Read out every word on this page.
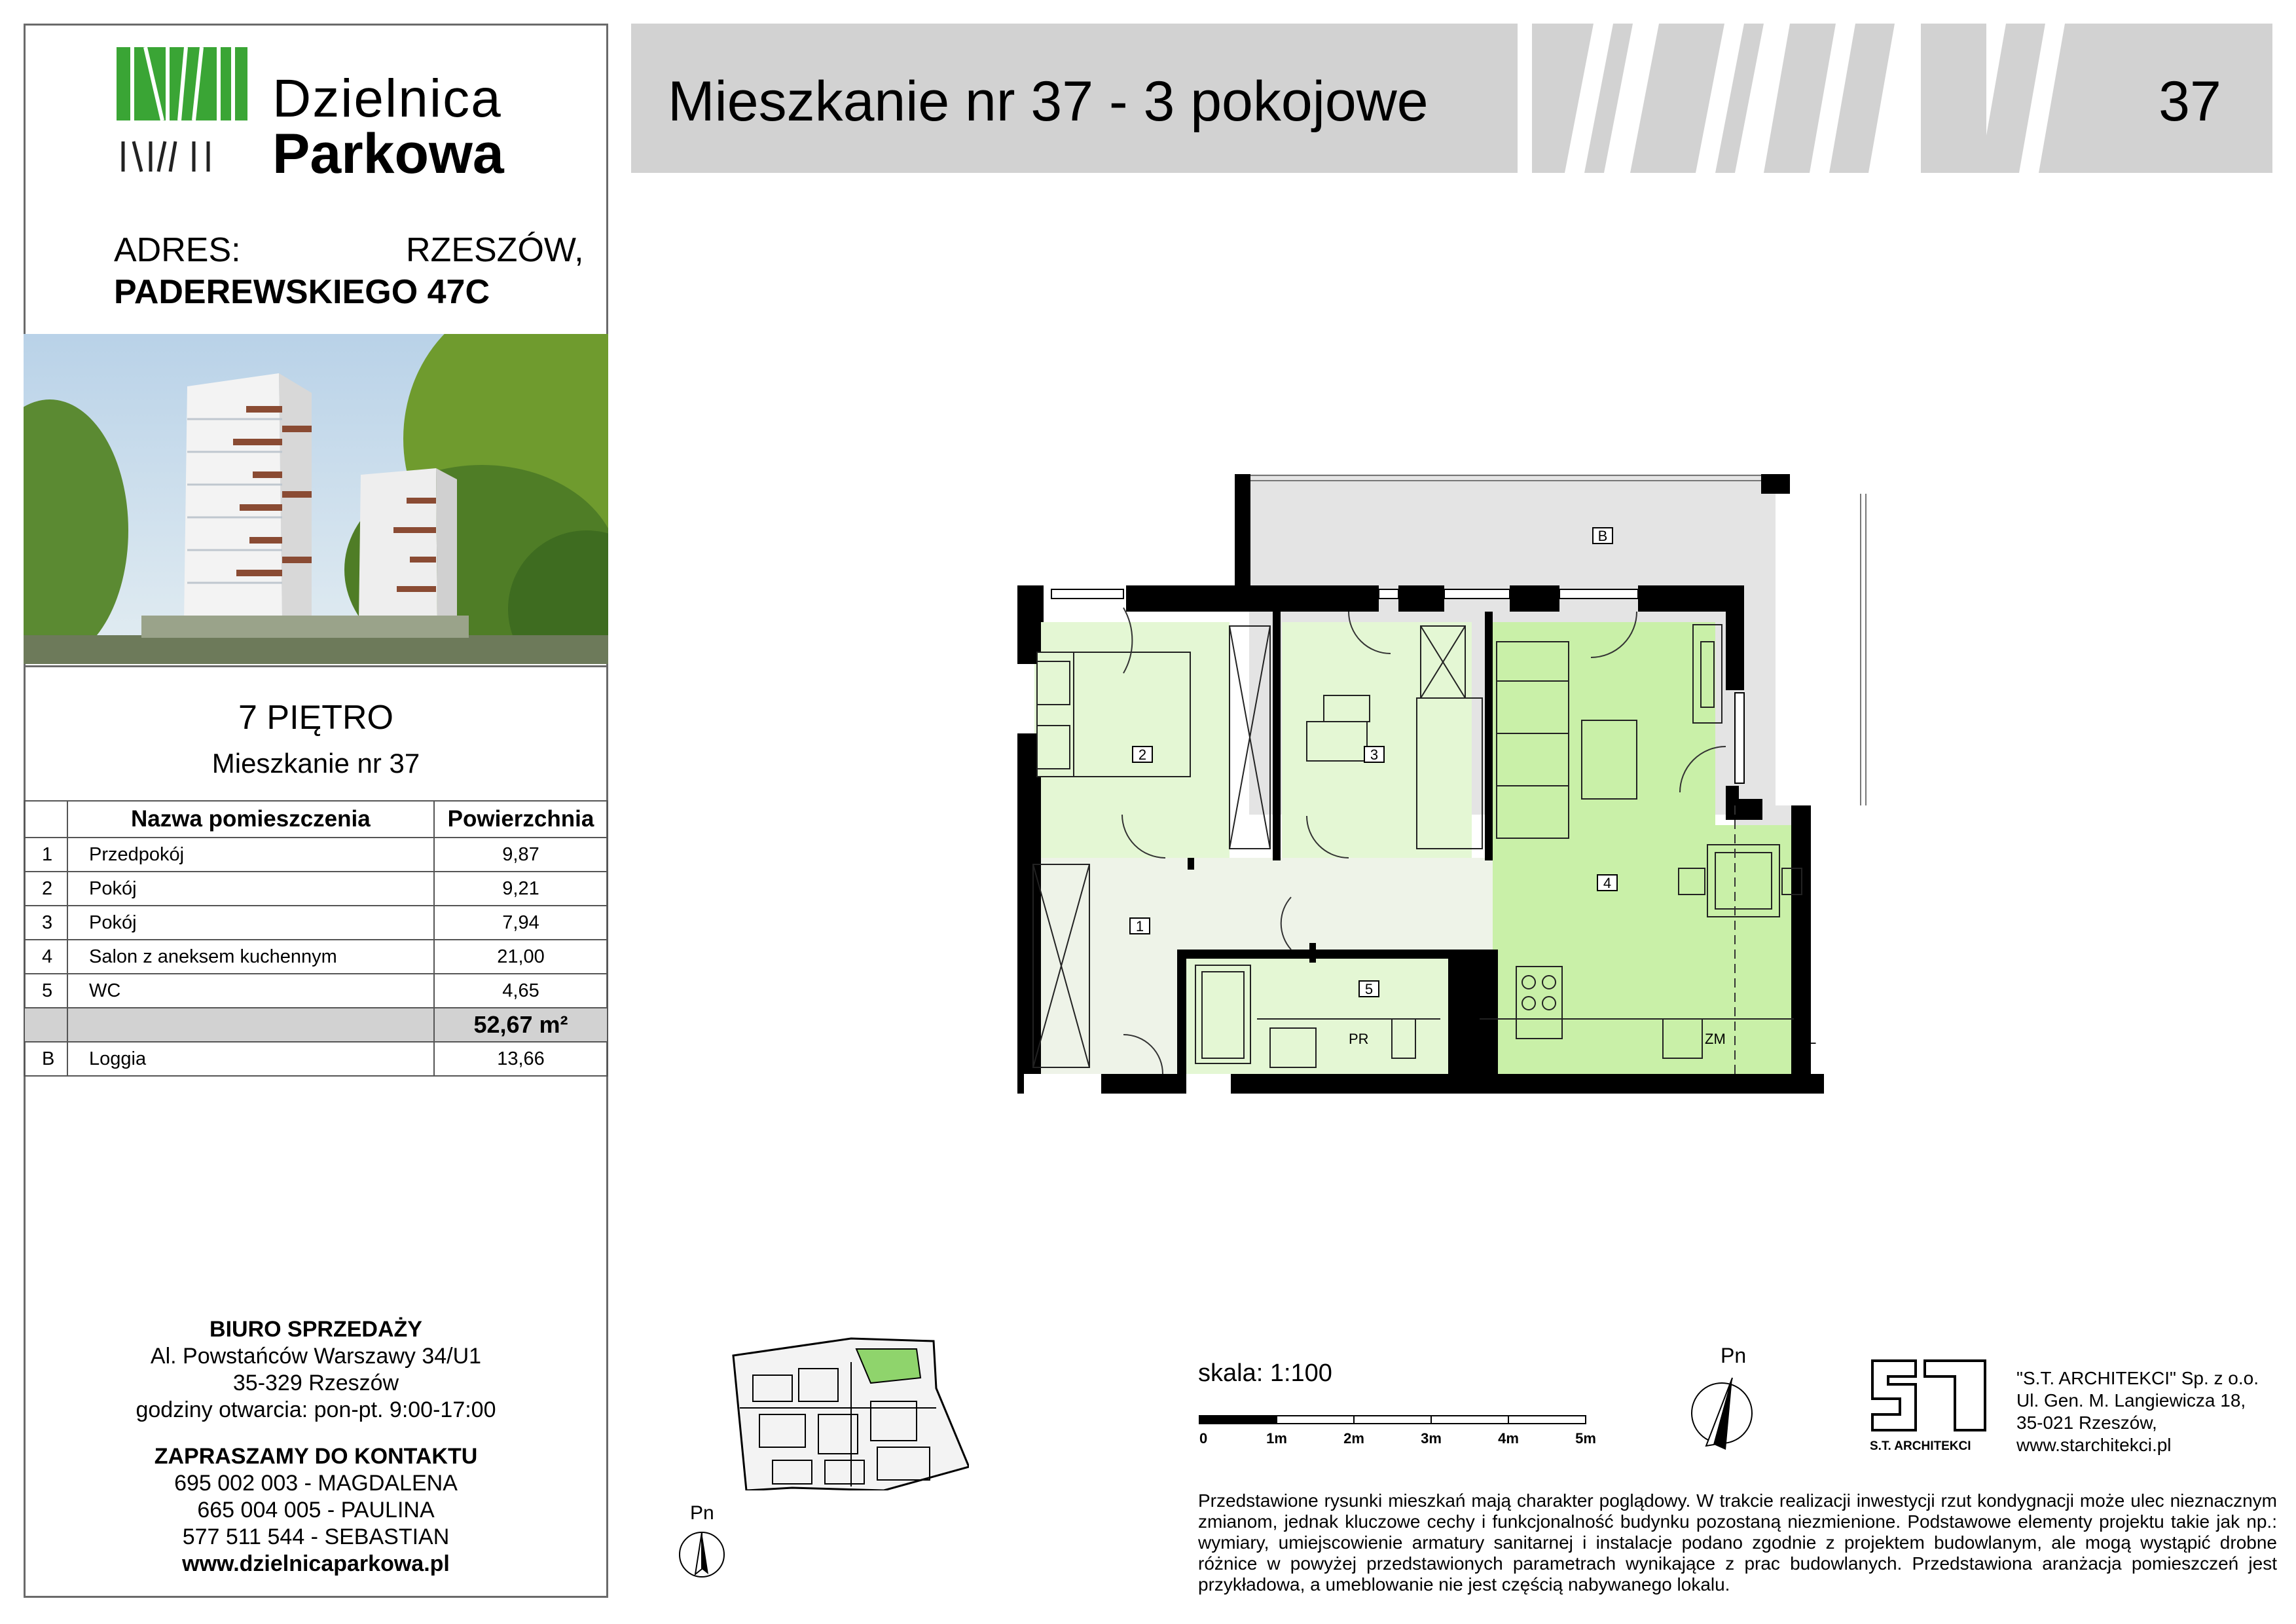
Dzielnica
Parkowa
ADRES:	RZESZÓW,
PADEREWSKIEGO 47C
7 PIĘTRO
Mieszkanie nr 37
	Nazwa pomieszczenia	Powierzchnia
1	Przedpokój	9,87
2	Pokój	9,21
3	Pokój	7,94
4	Salon z aneksem kuchennym	21,00
5	WC	4,65
		52,67 m²
B	Loggia	13,66
BIURO SPRZEDAŻY
Al. Powstańców Warszawy 34/U1
35-329 Rzeszów
godziny otwarcia: pon-pt. 9:00-17:00
ZAPRASZAMY DO KONTAKTU
695 002 003 - MAGDALENA
665 004 005 - PAULINA
577 511 544 - SEBASTIAN
www.dzielnicaparkowa.pl
Mieszkanie nr 37 - 3 pokojowe	37
B
2	3
4
1
5
PR	ZM	L
Pn
skala: 1:100
0	1m	2m	3m	4m	5m
Pn
S.T. ARCHITEKCI
"S.T. ARCHITEKCI" Sp. z o.o.
Ul. Gen. M. Langiewicza 18,
35-021 Rzeszów,
www.starchitekci.pl
Przedstawione rysunki mieszkań mają charakter poglądowy. W trakcie realizacji inwestycji rzut kondygnacji może ulec nieznacznym zmianom, jednak kluczowe cechy i funkcjonalność budynku pozostaną niezmienione. Podstawowe elementy projektu takie jak np.: wymiary, umiejscowienie armatury sanitarnej i instalacje podano zgodnie z projektem budowlanym, ale mogą wystąpić drobne różnice w powyżej przedstawionych parametrach wynikające z prac budowlanych. Przedstawiona aranżacja pomieszczeń jest przykładowa, a umeblowanie nie jest częścią nabywanego lokalu.
